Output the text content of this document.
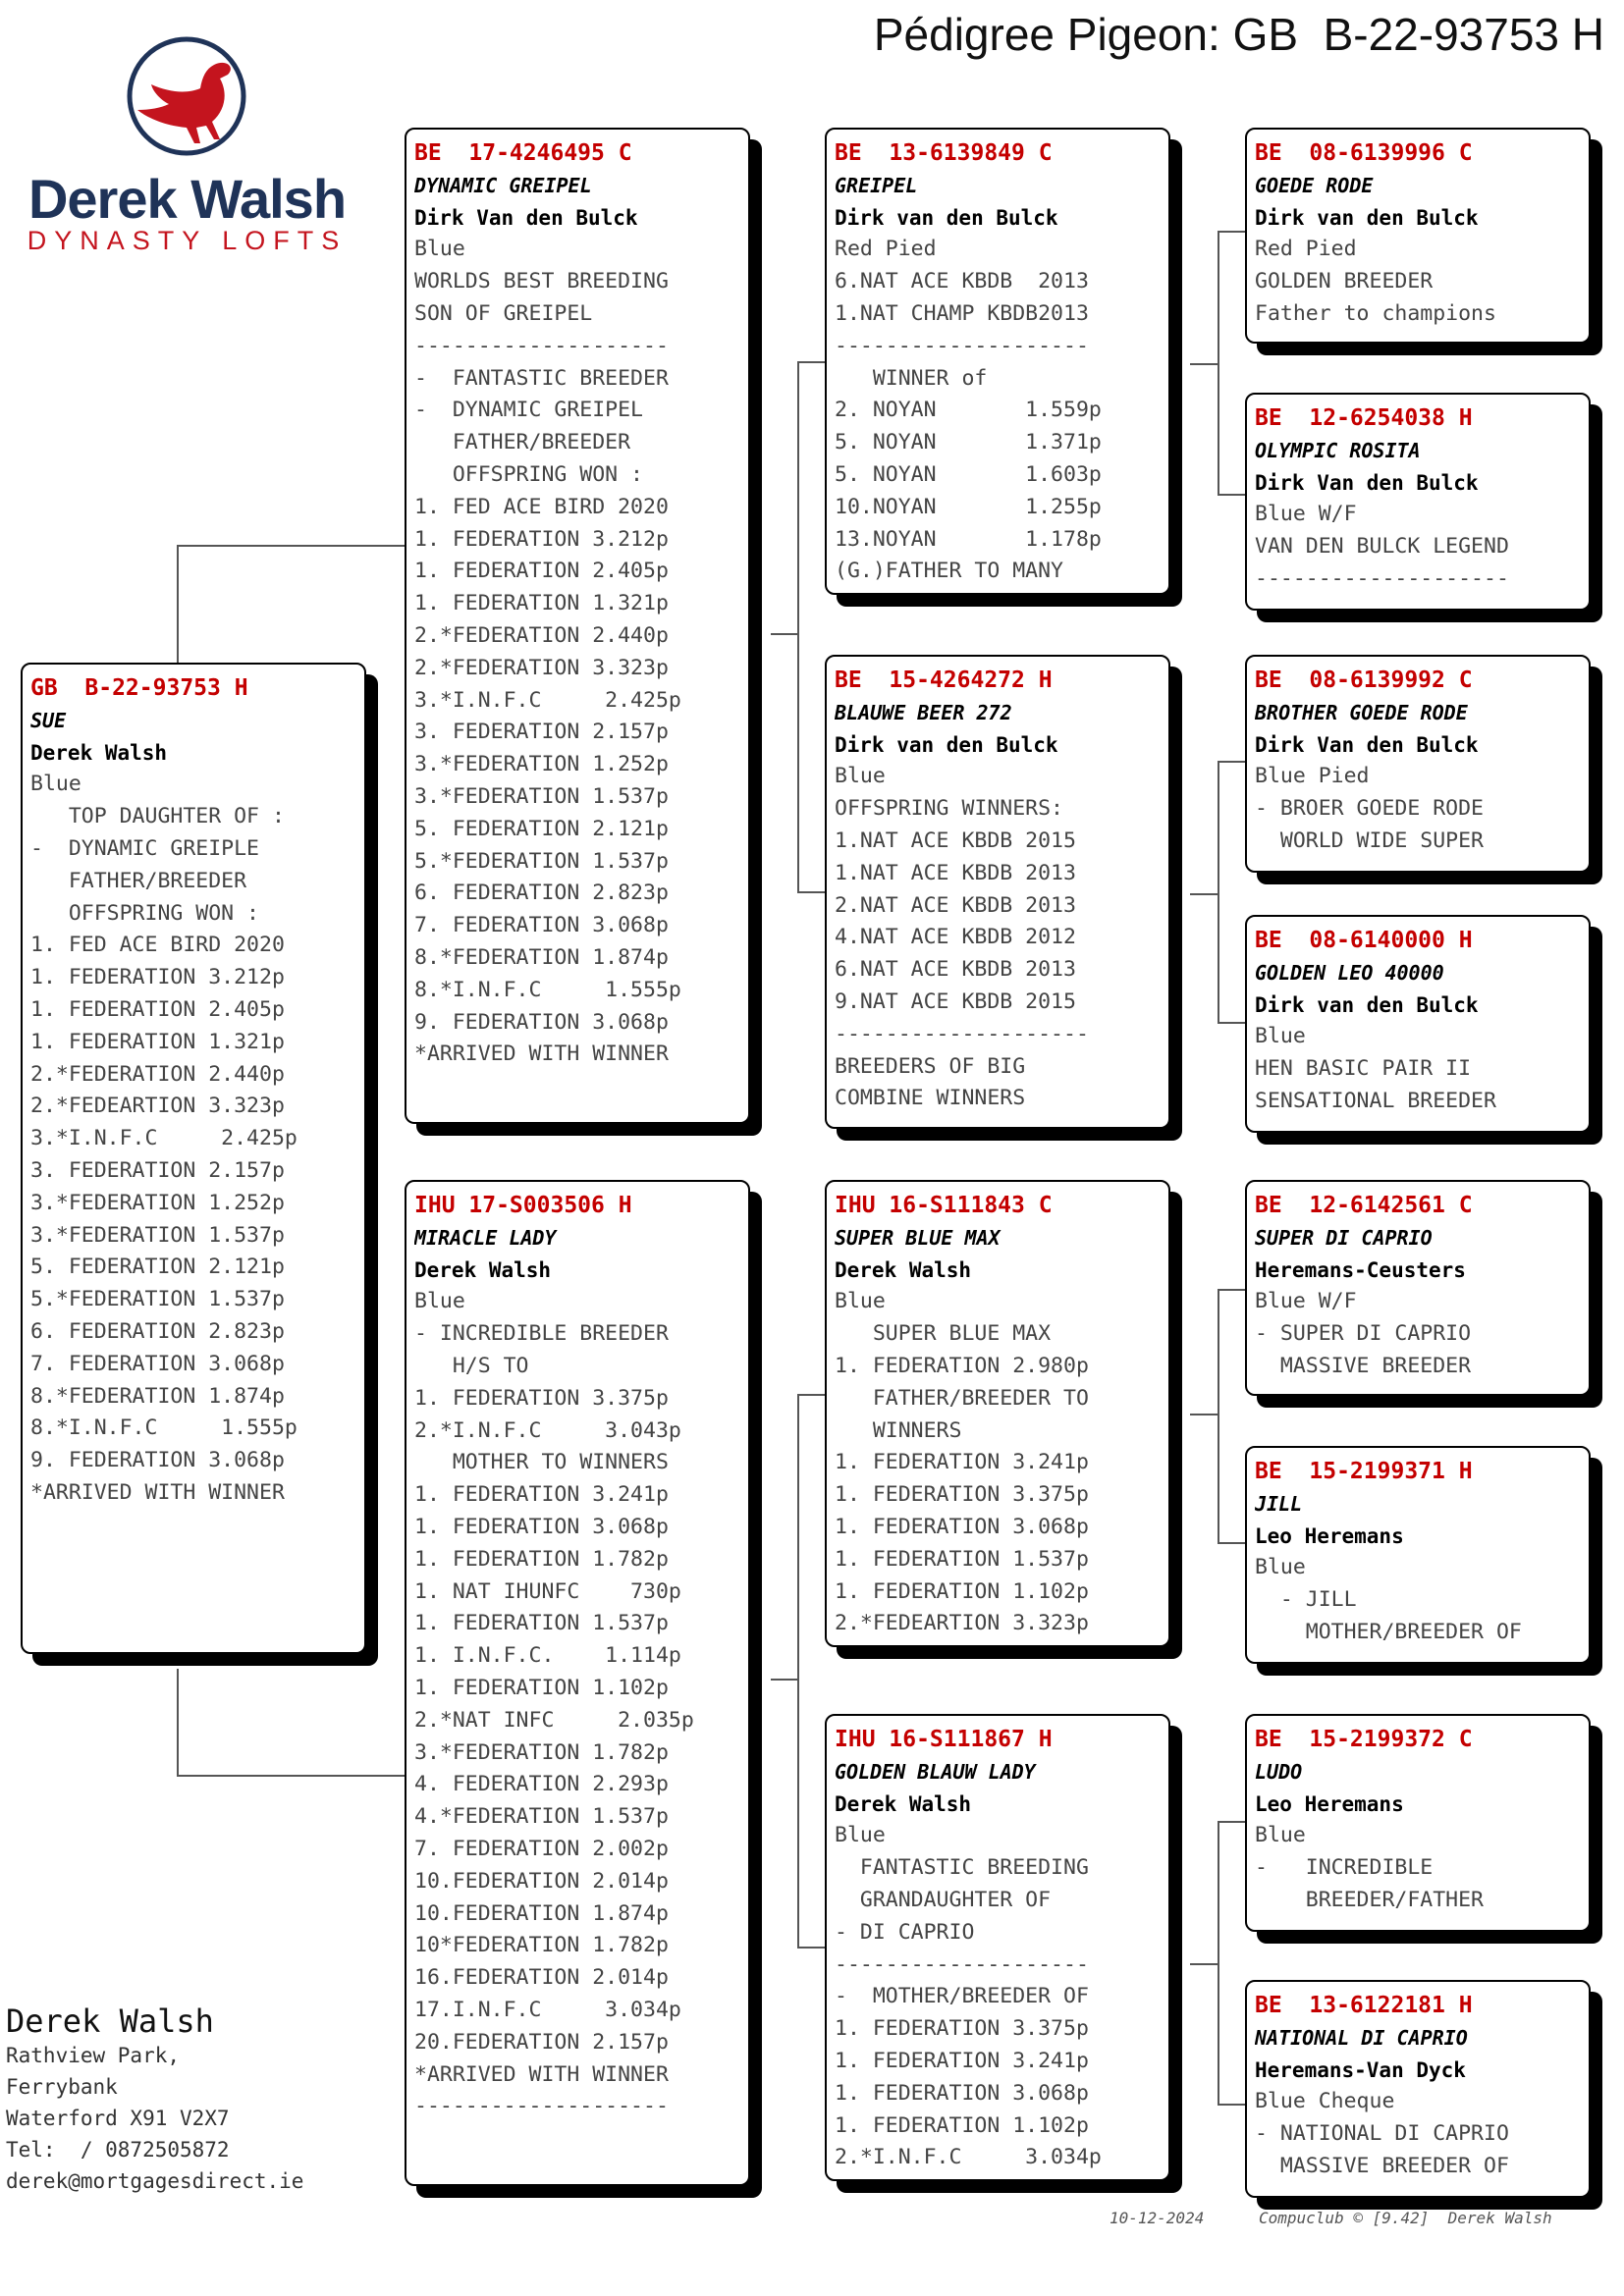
Pédigree Pigeon: GB  B-22-93753 H
Derek Walsh
DYNASTY LOFTS
GB  B-22-93753 H
SUE
Derek Walsh
Blue
TOP DAUGHTER OF :
-  DYNAMIC GREIPLE
FATHER/BREEDER
OFFSPRING WON :
1. FED ACE BIRD 2020
1. FEDERATION 3.212p
1. FEDERATION 2.405p
1. FEDERATION 1.321p
2.*FEDERATION 2.440p
2.*FEDEARTION 3.323p
3.*I.N.F.C     2.425p
3. FEDERATION 2.157p
3.*FEDERATION 1.252p
3.*FEDERATION 1.537p
5. FEDERATION 2.121p
5.*FEDERATION 1.537p
6. FEDERATION 2.823p
7. FEDERATION 3.068p
8.*FEDERATION 1.874p
8.*I.N.F.C     1.555p
9. FEDERATION 3.068p
*ARRIVED WITH WINNER
BE  17-4246495 C
DYNAMIC GREIPEL
Dirk Van den Bulck
Blue
WORLDS BEST BREEDING
SON OF GREIPEL
--------------------
-  FANTASTIC BREEDER
-  DYNAMIC GREIPEL
FATHER/BREEDER
OFFSPRING WON :
1. FED ACE BIRD 2020
1. FEDERATION 3.212p
1. FEDERATION 2.405p
1. FEDERATION 1.321p
2.*FEDERATION 2.440p
2.*FEDERATION 3.323p
3.*I.N.F.C     2.425p
3. FEDERATION 2.157p
3.*FEDERATION 1.252p
3.*FEDERATION 1.537p
5. FEDERATION 2.121p
5.*FEDERATION 1.537p
6. FEDERATION 2.823p
7. FEDERATION 3.068p
8.*FEDERATION 1.874p
8.*I.N.F.C     1.555p
9. FEDERATION 3.068p
*ARRIVED WITH WINNER
IHU 17-S003506 H
MIRACLE LADY
Derek Walsh
Blue
- INCREDIBLE BREEDER
H/S TO
1. FEDERATION 3.375p
2.*I.N.F.C     3.043p
MOTHER TO WINNERS
1. FEDERATION 3.241p
1. FEDERATION 3.068p
1. FEDERATION 1.782p
1. NAT IHUNFC    730p
1. FEDERATION 1.537p
1. I.N.F.C.    1.114p
1. FEDERATION 1.102p
2.*NAT INFC     2.035p
3.*FEDERATION 1.782p
4. FEDERATION 2.293p
4.*FEDERATION 1.537p
7. FEDERATION 2.002p
10.FEDERATION 2.014p
10.FEDERATION 1.874p
10*FEDERATION 1.782p
16.FEDERATION 2.014p
17.I.N.F.C     3.034p
20.FEDERATION 2.157p
*ARRIVED WITH WINNER
--------------------
BE  13-6139849 C
GREIPEL
Dirk van den Bulck
Red Pied
6.NAT ACE KBDB  2013
1.NAT CHAMP KBDB2013
--------------------
WINNER of
2. NOYAN       1.559p
5. NOYAN       1.371p
5. NOYAN       1.603p
10.NOYAN       1.255p
13.NOYAN       1.178p
(G.)FATHER TO MANY
BE  15-4264272 H
BLAUWE BEER 272
Dirk van den Bulck
Blue
OFFSPRING WINNERS:
1.NAT ACE KBDB 2015
1.NAT ACE KBDB 2013
2.NAT ACE KBDB 2013
4.NAT ACE KBDB 2012
6.NAT ACE KBDB 2013
9.NAT ACE KBDB 2015
--------------------
BREEDERS OF BIG
COMBINE WINNERS
IHU 16-S111843 C
SUPER BLUE MAX
Derek Walsh
Blue
SUPER BLUE MAX
1. FEDERATION 2.980p
FATHER/BREEDER TO
WINNERS
1. FEDERATION 3.241p
1. FEDERATION 3.375p
1. FEDERATION 3.068p
1. FEDERATION 1.537p
1. FEDERATION 1.102p
2.*FEDEARTION 3.323p
IHU 16-S111867 H
GOLDEN BLAUW LADY
Derek Walsh
Blue
FANTASTIC BREEDING
GRANDAUGHTER OF
- DI CAPRIO
--------------------
-  MOTHER/BREEDER OF
1. FEDERATION 3.375p
1. FEDERATION 3.241p
1. FEDERATION 3.068p
1. FEDERATION 1.102p
2.*I.N.F.C     3.034p
BE  08-6139996 C
GOEDE RODE
Dirk van den Bulck
Red Pied
GOLDEN BREEDER
Father to champions
BE  12-6254038 H
OLYMPIC ROSITA
Dirk Van den Bulck
Blue W/F
VAN DEN BULCK LEGEND
--------------------
BE  08-6139992 C
BROTHER GOEDE RODE
Dirk Van den Bulck
Blue Pied
- BROER GOEDE RODE
WORLD WIDE SUPER
BE  08-6140000 H
GOLDEN LEO 40000
Dirk van den Bulck
Blue
HEN BASIC PAIR II
SENSATIONAL BREEDER
BE  12-6142561 C
SUPER DI CAPRIO
Heremans-Ceusters
Blue W/F
- SUPER DI CAPRIO
MASSIVE BREEDER
BE  15-2199371 H
JILL
Leo Heremans
Blue
- JILL
MOTHER/BREEDER OF
BE  15-2199372 C
LUDO
Leo Heremans
Blue
-   INCREDIBLE
BREEDER/FATHER
BE  13-6122181 H
NATIONAL DI CAPRIO
Heremans-Van Dyck
Blue Cheque
- NATIONAL DI CAPRIO
MASSIVE BREEDER OF
Derek Walsh
Rathview Park,
Ferrybank
Waterford X91 V2X7
Tel:  / 0872505872
derek@mortgagesdirect.ie
10-12-2024	Compuclub © [9.42]  Derek Walsh
